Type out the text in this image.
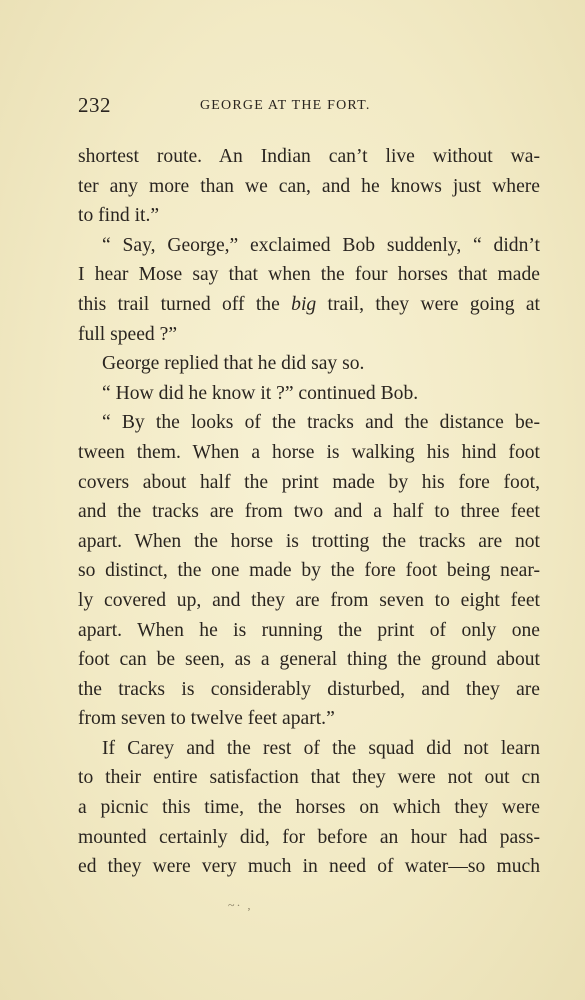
232	GEORGE AT THE FORT.
shortest route. An Indian can’t live without wa-
ter any more than we can, and he knows just where
to find it.”
“ Say, George,” exclaimed Bob suddenly, “ didn’t
I hear Mose say that when the four horses that made
this trail turned off the big trail, they were going at
full speed ?”
George replied that he did say so.
“ How did he know it ?” continued Bob.
“ By the looks of the tracks and the distance be-
tween them. When a horse is walking his hind foot
covers about half the print made by his fore foot,
and the tracks are from two and a half to three feet
apart. When the horse is trotting the tracks are not
so distinct, the one made by the fore foot being near-
ly covered up, and they are from seven to eight feet
apart. When he is running the print of only one
foot can be seen, as a general thing the ground about
the tracks is considerably disturbed, and they are
from seven to twelve feet apart.”
If Carey and the rest of the squad did not learn
to their entire satisfaction that they were not out cn
a picnic this time, the horses on which they were
mounted certainly did, for before an hour had pass-
ed they were very much in need of water—so much
~· ,
